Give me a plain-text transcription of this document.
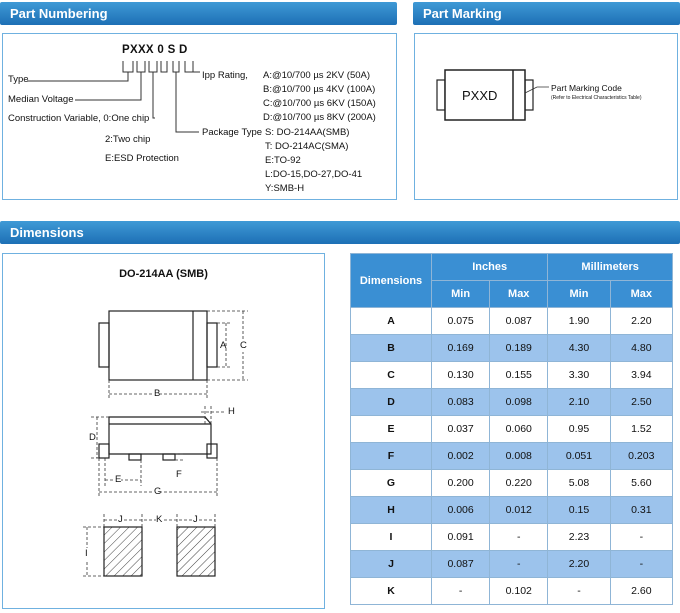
Part Numbering
PXXX 0 S D
Type
Median Voltage
Construction Variable, 0:One chip
2:Two chip
E:ESD Protection
Ipp Rating, A:@10/700 µs 2KV (50A)
B:@10/700 µs 4KV (100A)
C:@10/700 µs 6KV (150A)
D:@10/700 µs 8KV (200A)
Package Type S: DO-214AA(SMB)
T: DO-214AC(SMA)
E:TO-92
L:DO-15,DO-27,DO-41
Y:SMB-H
Part Marking
PXXD	Part Marking Code
(Refer to Electrical Characteristics Table)
Dimensions
DO-214AA (SMB)
A C
B
D
H
E	F
G
J	K	J
I
Dimensions	Inches		Millimeters	
	Min	Max	Min	Max
A	0.075	0.087	1.90	2.20
B	0.169	0.189	4.30	4.80
C	0.130	0.155	3.30	3.94
D	0.083	0.098	2.10	2.50
E	0.037	0.060	0.95	1.52
F	0.002	0.008	0.051	0.203
G	0.200	0.220	5.08	5.60
H	0.006	0.012	0.15	0.31
I	0.091	-	2.23	-
J	0.087	-	2.20	-
K	-	0.102	-	2.60
